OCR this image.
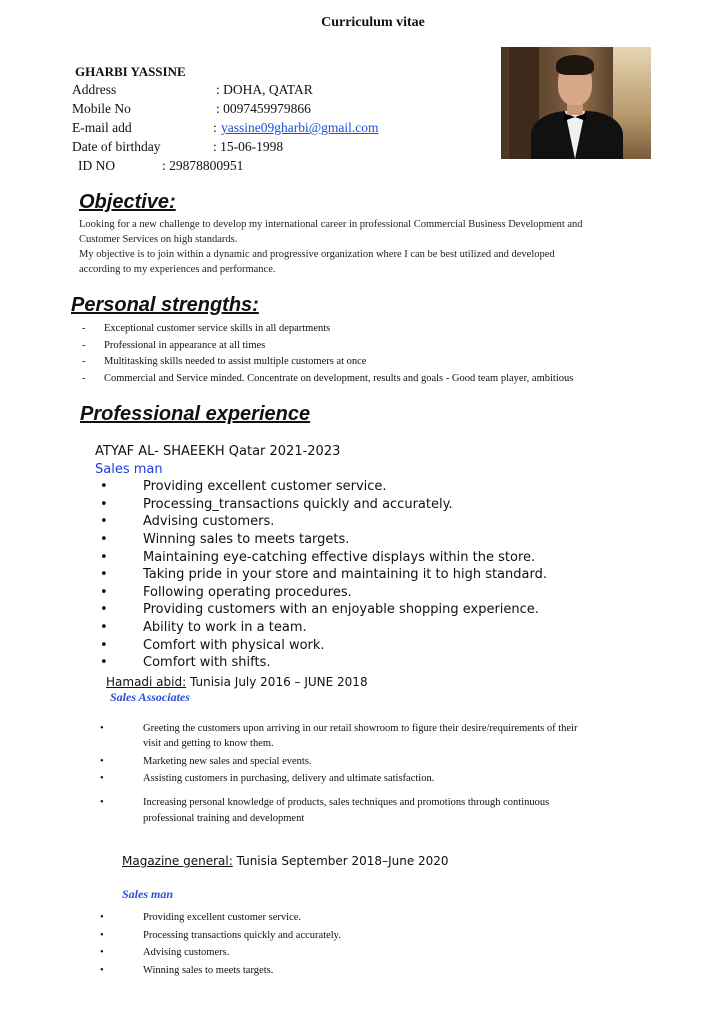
Curriculum vitae
GHARBI YASSINE
Address	: DOHA, QATAR
Mobile No	: 0097459979866
E-mail add	: yassine09gharbi@gmail.com
Date of birthday	: 15-06-1998
ID NO	: 29878800951
Objective:
Looking for a new challenge to develop my international career in professional Commercial Business Development and
Customer Services on high standards.
My objective is to join within a dynamic and progressive organization where I can be best utilized and developed
according to my experiences and performance.
Personal strengths:
- Exceptional customer service skills in all departments
- Professional in appearance at all times
- Multitasking skills needed to assist multiple customers at once
- Commercial and Service minded. Concentrate on development, results and goals - Good team player, ambitious
Professional experience
ATYAF AL- SHAEEKH Qatar 2021-2023
Sales man
•	Providing excellent customer service.
•	Processing_transactions quickly and accurately.
•	Advising customers.
•	Winning sales to meets targets.
•	Maintaining eye-catching effective displays within the store.
•	Taking pride in your store and maintaining it to high standard.
•	Following operating procedures.
•	Providing customers with an enjoyable shopping experience.
•	Ability to work in a team.
•	Comfort with physical work.
•	Comfort with shifts.
Hamadi abid: Tunisia July 2016 – JUNE 2018
Sales Associates
•	Greeting the customers upon arriving in our retail showroom to figure their desire/requirements of their
visit and getting to know them.
•	Marketing new sales and special events.
•	Assisting customers in purchasing, delivery and ultimate satisfaction.
•	Increasing personal knowledge of products, sales techniques and promotions through continuous
professional training and development
Magazine general: Tunisia September 2018–June 2020
Sales man
•	Providing excellent customer service.
•	Processing transactions quickly and accurately.
•	Advising customers.
•	Winning sales to meets targets.
